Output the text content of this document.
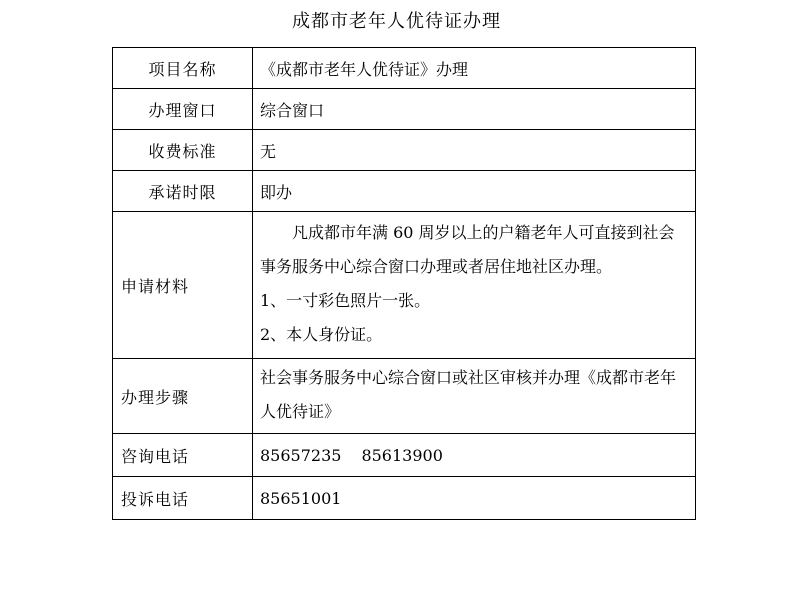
成都市老年人优待证办理
项目名称	《成都市老年人优待证》办理
办理窗口	综合窗口
收费标准	无
承诺时限	即办
申请材料	凡成都市年满 60 周岁以上的户籍老年人可直接到社会事务服务中心综合窗口办理或者居住地社区办理。
1、一寸彩色照片一张。
2、本人身份证。

办理步骤	社会事务服务中心综合窗口或社区审核并办理《成都市老年人优待证》
咨询电话	85657235 85613900
投诉电话	85651001
